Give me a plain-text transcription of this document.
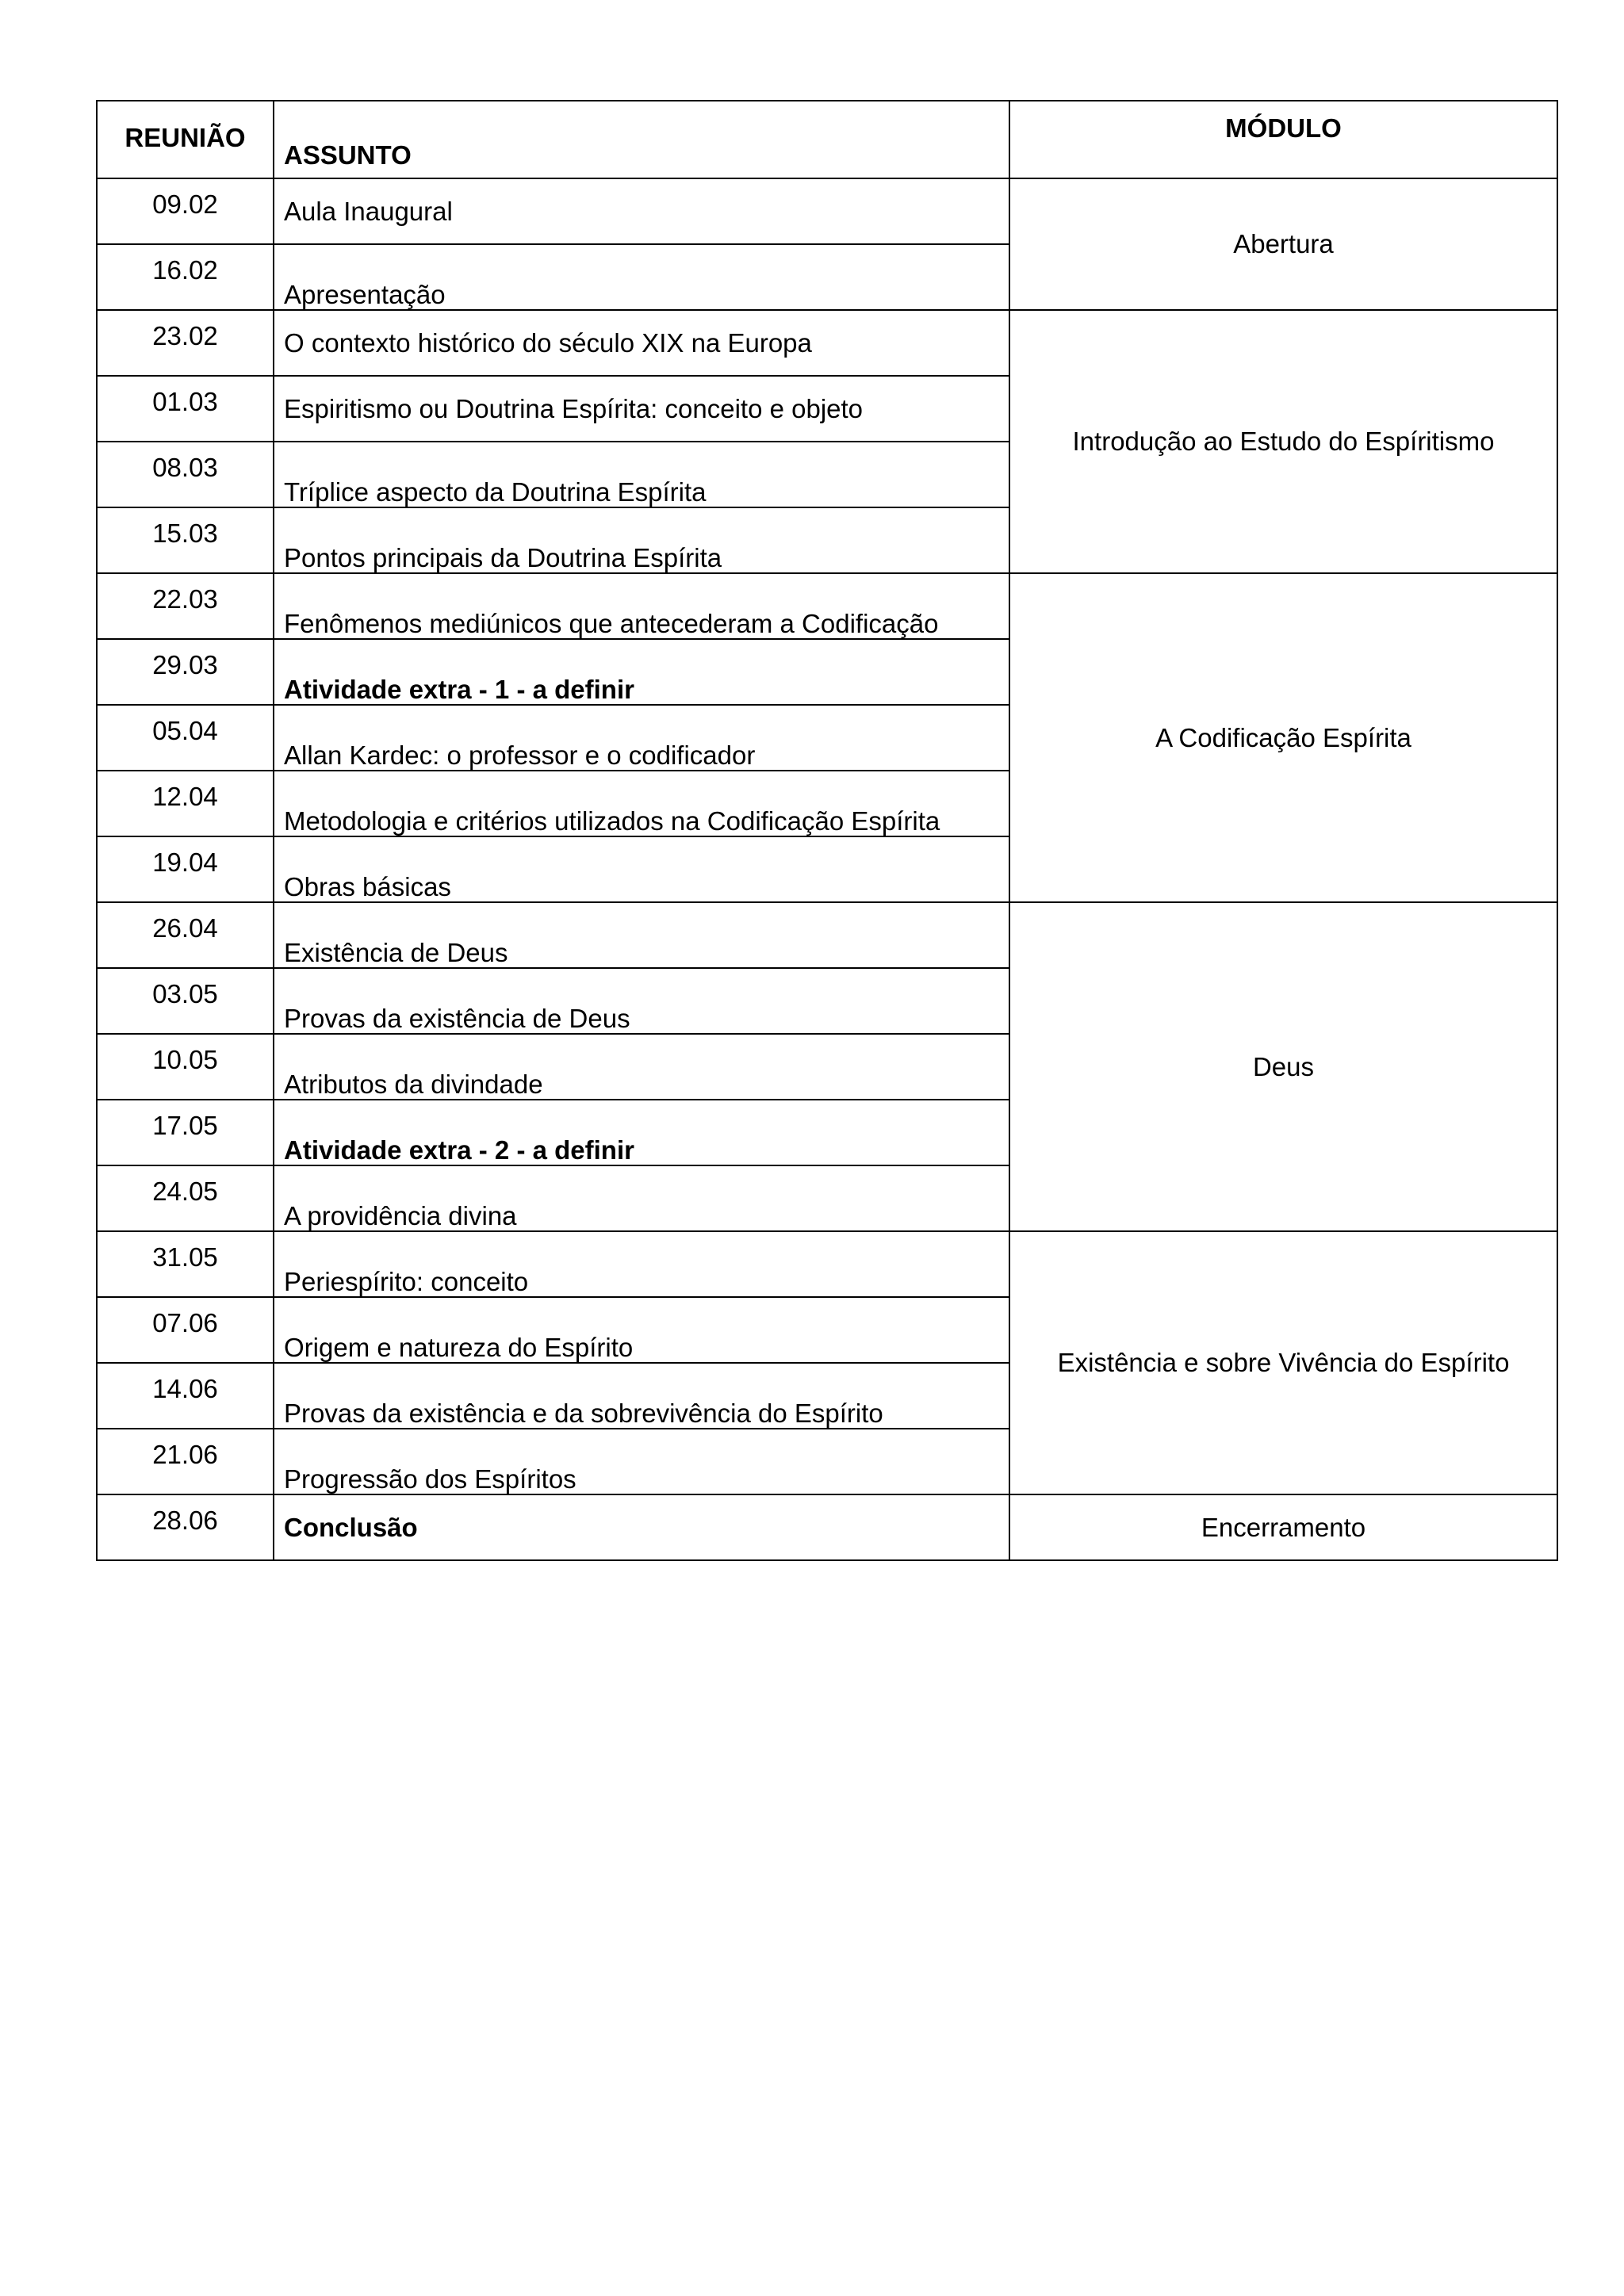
REUNIÃO	ASSUNTO	MÓDULO
09.02	Aula Inaugural	Abertura
16.02	Apresentação	
23.02	O contexto histórico do século XIX na Europa	Introdução ao Estudo do Espíritismo
01.03	Espiritismo ou Doutrina Espírita: conceito e objeto	
08.03	Tríplice aspecto da Doutrina Espírita	
15.03	Pontos principais da Doutrina Espírita	
22.03	Fenômenos mediúnicos que antecederam a Codificação	A Codificação Espírita
29.03	Atividade extra - 1 - a definir	
05.04	Allan Kardec: o professor e o codificador	
12.04	Metodologia e critérios utilizados na Codificação Espírita	
19.04	Obras básicas	
26.04	Existência de Deus	Deus
03.05	Provas da existência de Deus	
10.05	Atributos da divindade	
17.05	Atividade extra - 2 - a definir	
24.05	A providência divina	
31.05	Periespírito: conceito	Existência e sobre Vivência do Espírito
07.06	Origem e natureza do Espírito	
14.06	Provas da existência e da sobrevivência do Espírito	
21.06	Progressão dos Espíritos	
28.06	Conclusão	Encerramento
